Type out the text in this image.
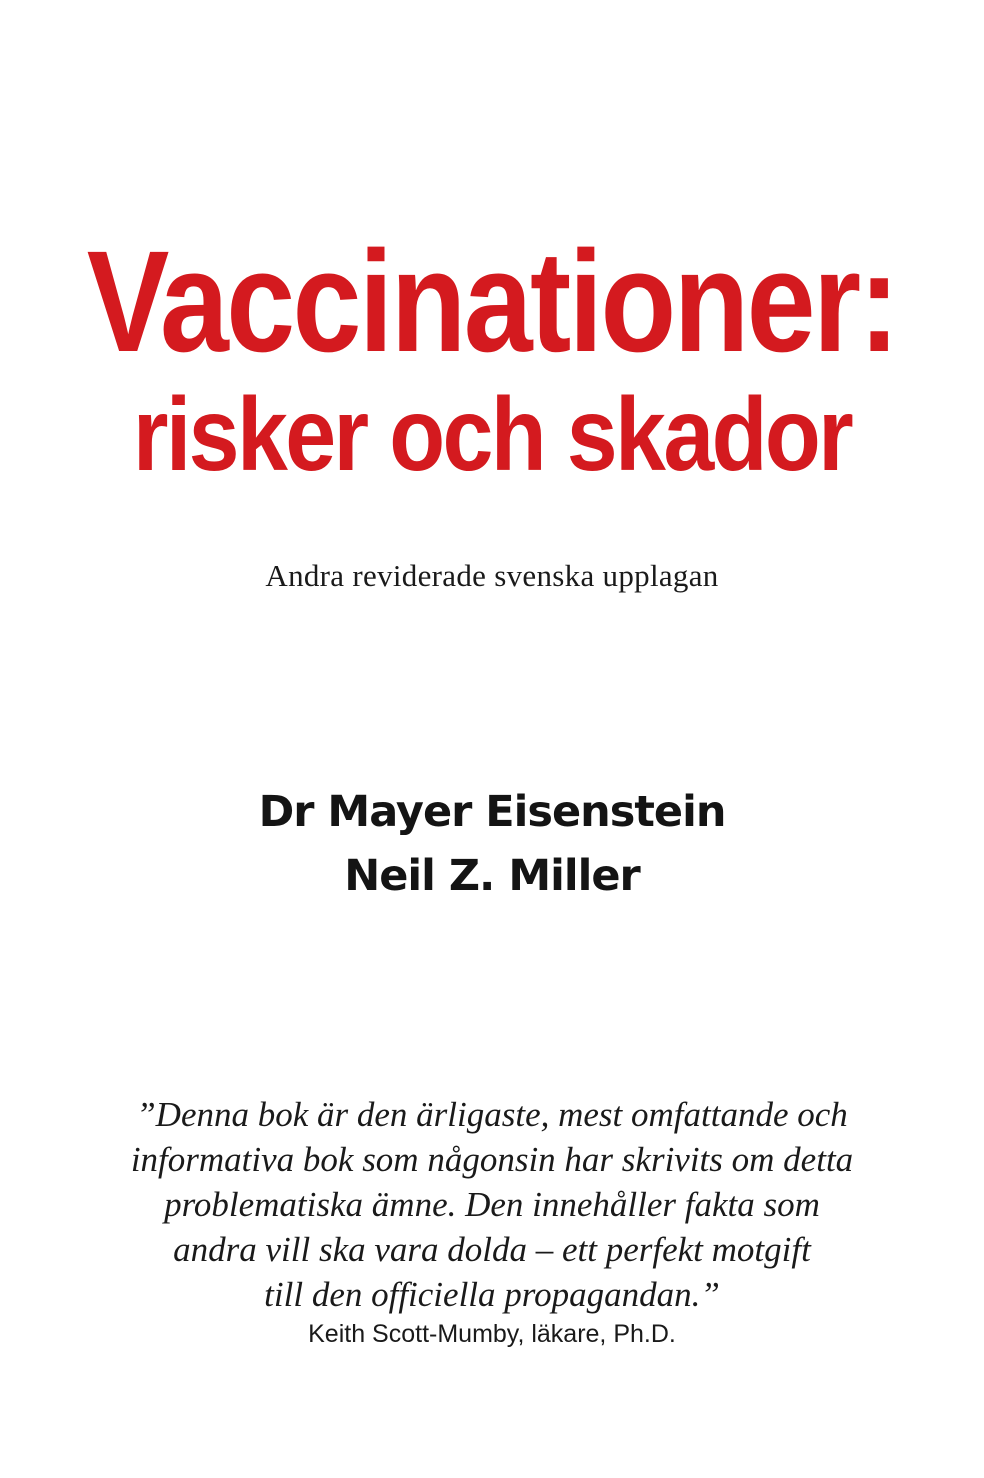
Vaccinationer:
risker och skador
Andra reviderade svenska upplagan
Dr Mayer Eisenstein
Neil Z. Miller
”Denna bok är den ärligaste, mest omfattande och
informativa bok som någonsin har skrivits om detta
problematiska ämne. Den innehåller fakta som
andra vill ska vara dolda – ett perfekt motgift
till den officiella propagandan.”
Keith Scott-Mumby, läkare, Ph.D.
